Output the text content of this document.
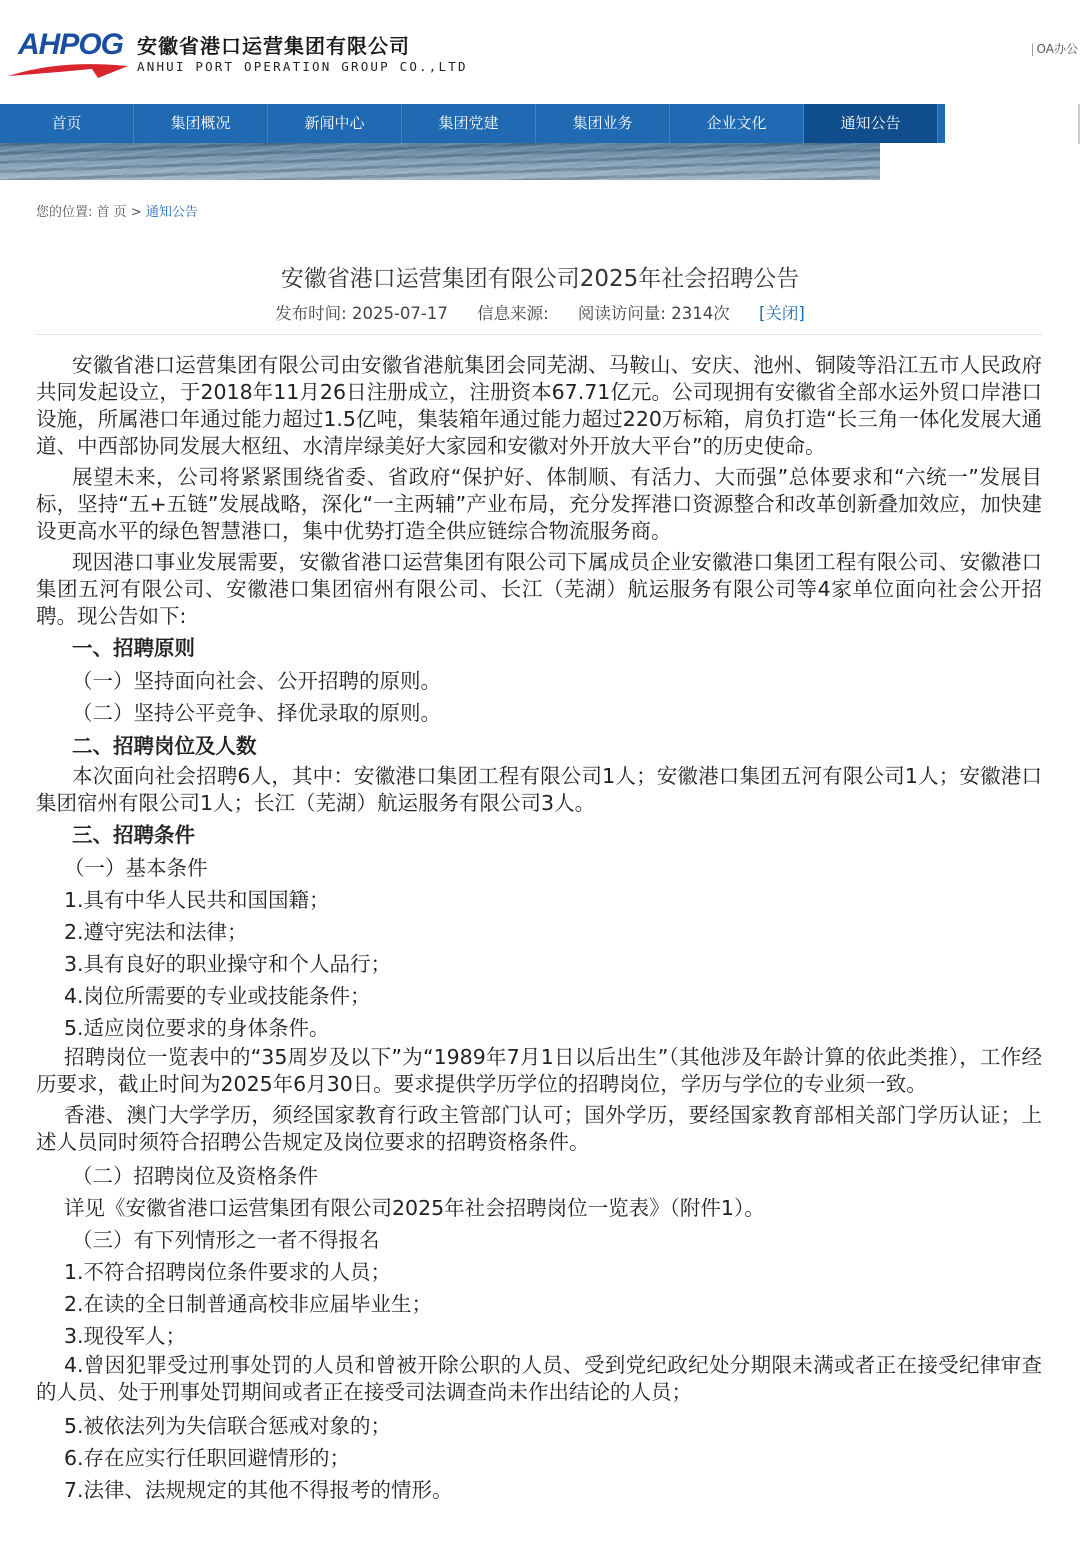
AHPOG 安徽省港口运营集团有限公司
ANHUI PORT OPERATION GROUP CO.,LTD
| OA办公
首页	集团概况	新闻中心	集团党建	集团业务	企业文化	通知公告
您的位置: 首 页 > 通知公告
安徽省港口运营集团有限公司2025年社会招聘公告
发布时间: 2025-07-17 信息来源: 阅读访问量: 2314次 [关闭]

安徽省港口运营集团有限公司由安徽省港航集团会同芜湖、马鞍山、安庆、池州、铜陵等沿江五市人民政府共同发起设立，于2018年11月26日注册成立，注册资本67.71亿元。公司现拥有安徽省全部水运外贸口岸港口设施，所属港口年通过能力超过1.5亿吨，集装箱年通过能力超过220万标箱，肩负打造“长三角一体化发展大通道、中西部协同发展大枢纽、水清岸绿美好大家园和安徽对外开放大平台”的历史使命。

展望未来，公司将紧紧围绕省委、省政府“保护好、体制顺、有活力、大而强”总体要求和“六统一”发展目标，坚持“五+五链”发展战略，深化“一主两辅”产业布局，充分发挥港口资源整合和改革创新叠加效应，加快建设更高水平的绿色智慧港口，集中优势打造全供应链综合物流服务商。

现因港口事业发展需要，安徽省港口运营集团有限公司下属成员企业安徽港口集团工程有限公司、安徽港口集团五河有限公司、安徽港口集团宿州有限公司、长江（芜湖）航运服务有限公司等4家单位面向社会公开招聘。现公告如下:

一、招聘原则

（一）坚持面向社会、公开招聘的原则。

（二）坚持公平竞争、择优录取的原则。

二、招聘岗位及人数

本次面向社会招聘6人，其中：安徽港口集团工程有限公司1人；安徽港口集团五河有限公司1人；安徽港口集团宿州有限公司1人；长江（芜湖）航运服务有限公司3人。

三、招聘条件

（一）基本条件

1.具有中华人民共和国国籍；

2.遵守宪法和法律；

3.具有良好的职业操守和个人品行；

4.岗位所需要的专业或技能条件；

5.适应岗位要求的身体条件。

招聘岗位一览表中的“35周岁及以下”为“1989年7月1日以后出生”（其他涉及年龄计算的依此类推），工作经历要求，截止时间为2025年6月30日。要求提供学历学位的招聘岗位，学历与学位的专业须一致。

香港、澳门大学学历，须经国家教育行政主管部门认可；国外学历，要经国家教育部相关部门学历认证；上述人员同时须符合招聘公告规定及岗位要求的招聘资格条件。

（二）招聘岗位及资格条件

详见《安徽省港口运营集团有限公司2025年社会招聘岗位一览表》（附件1）。

（三）有下列情形之一者不得报名

1.不符合招聘岗位条件要求的人员；

2.在读的全日制普通高校非应届毕业生；

3.现役军人；

4.曾因犯罪受过刑事处罚的人员和曾被开除公职的人员、受到党纪政纪处分期限未满或者正在接受纪律审查的人员、处于刑事处罚期间或者正在接受司法调查尚未作出结论的人员；

5.被依法列为失信联合惩戒对象的；

6.存在应实行任职回避情形的；

7.法律、法规规定的其他不得报考的情形。
